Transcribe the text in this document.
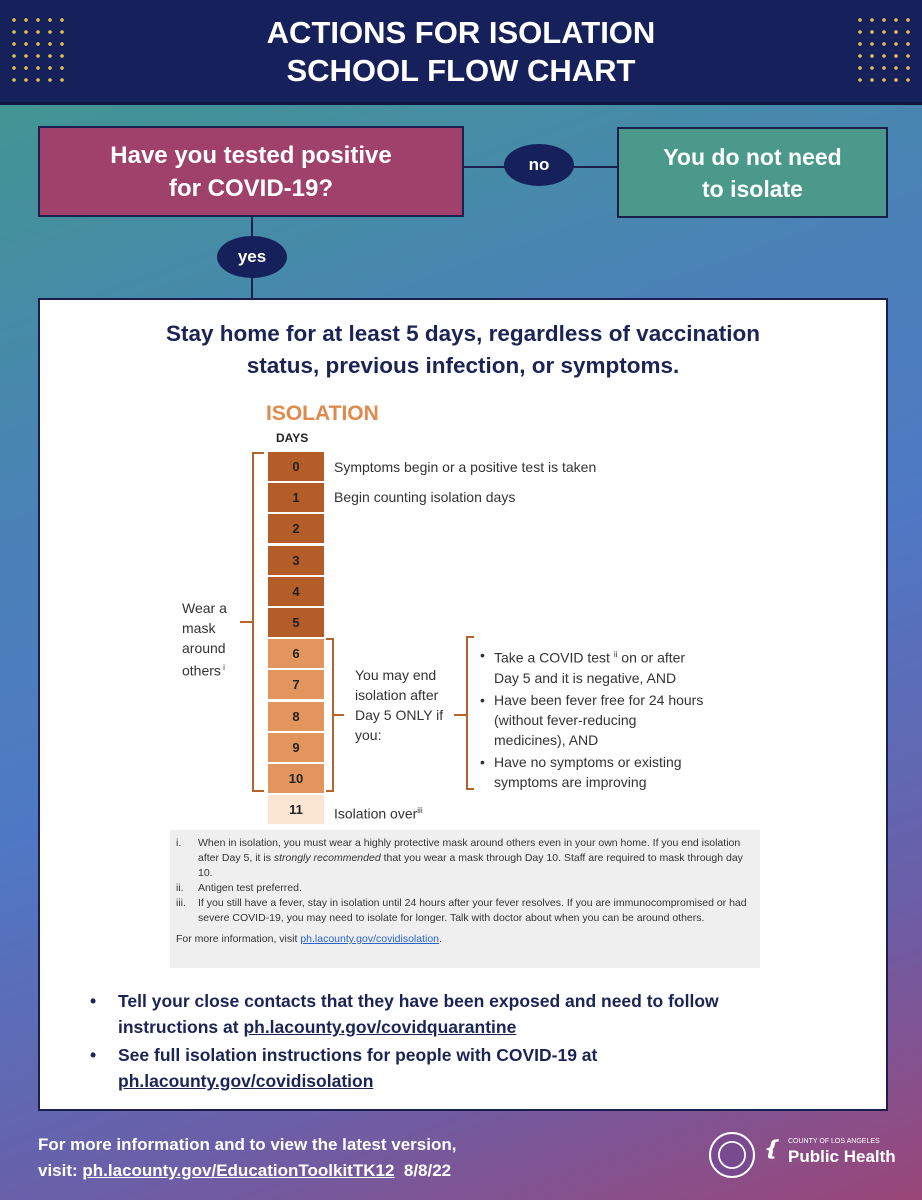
ACTIONS FOR ISOLATION
SCHOOL FLOW CHART
Have you tested positive
for COVID-19?
no	You do not need
to isolate
yes
Stay home for at least 5 days, regardless of vaccination
status, previous infection, or symptoms.
ISOLATION
DAYS
0
1
2
3
4
5
6
7
8
9
10
11
Symptoms begin or a positive test is taken
Begin counting isolation days
Isolation over$^{iii}$
Wear a
mask
around
others $^i$	You may end
isolation after
Day 5 ONLY if
you:
• Take a COVID test $^{ii}$ on or after Day 5 and it is negative, AND
• Have been fever free for 24 hours (without fever-reducing medicines), AND
• Have no symptoms or existing symptoms are improving
i.	When in isolation, you must wear a highly protective mask around others even in your own home. If you end isolation after Day 5, it is strongly recommended that you wear a mask through Day 10. Staff are required to mask through day 10.
ii.	Antigen test preferred.
iii.	If you still have a fever, stay in isolation until 24 hours after your fever resolves. If you are immunocompromised or had severe COVID-19, you may need to isolate for longer. Talk with doctor about when you can be around others.
For more information, visit ph.lacounty.gov/covidisolation.
•	Tell your close contacts that they have been exposed and need to follow instructions at ph.lacounty.gov/covidquarantine
•	See full isolation instructions for people with COVID-19 at ph.lacounty.gov/covidisolation
For more information and to view the latest version,
visit: ph.lacounty.gov/EducationToolkitTK12 8/8/22
❴ COUNTY OF LOS ANGELES
Public Health
